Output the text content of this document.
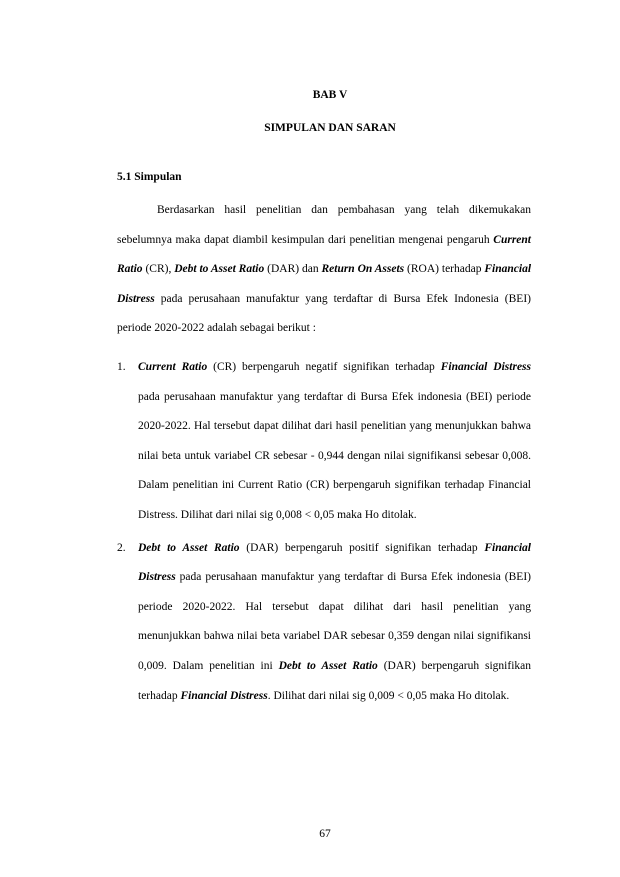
BAB V
SIMPULAN DAN SARAN
5.1 Simpulan

Berdasarkan hasil penelitian dan pembahasan yang telah dikemukakan sebelumnya maka dapat diambil kesimpulan dari penelitian mengenai pengaruh Current Ratio (CR), Debt to Asset Ratio (DAR) dan Return On Assets (ROA) terhadap Financial Distress pada perusahaan manufaktur yang terdaftar di Bursa Efek Indonesia (BEI) periode 2020-2022 adalah sebagai berikut :

1. Current Ratio (CR) berpengaruh negatif signifikan terhadap Financial Distress pada perusahaan manufaktur yang terdaftar di Bursa Efek indonesia (BEI) periode 2020-2022. Hal tersebut dapat dilihat dari hasil penelitian yang menunjukkan bahwa nilai beta untuk variabel CR sebesar - 0,944 dengan nilai signifikansi sebesar 0,008. Dalam penelitian ini Current Ratio (CR) berpengaruh signifikan terhadap Financial Distress. Dilihat dari nilai sig 0,008 < 0,05 maka Ho ditolak.
2. Debt to Asset Ratio (DAR) berpengaruh positif signifikan terhadap Financial Distress pada perusahaan manufaktur yang terdaftar di Bursa Efek indonesia (BEI) periode 2020-2022. Hal tersebut dapat dilihat dari hasil penelitian yang menunjukkan bahwa nilai beta variabel DAR sebesar 0,359 dengan nilai signifikansi 0,009. Dalam penelitian ini Debt to Asset Ratio (DAR) berpengaruh signifikan terhadap Financial Distress. Dilihat dari nilai sig 0,009 < 0,05 maka Ho ditolak.
67
